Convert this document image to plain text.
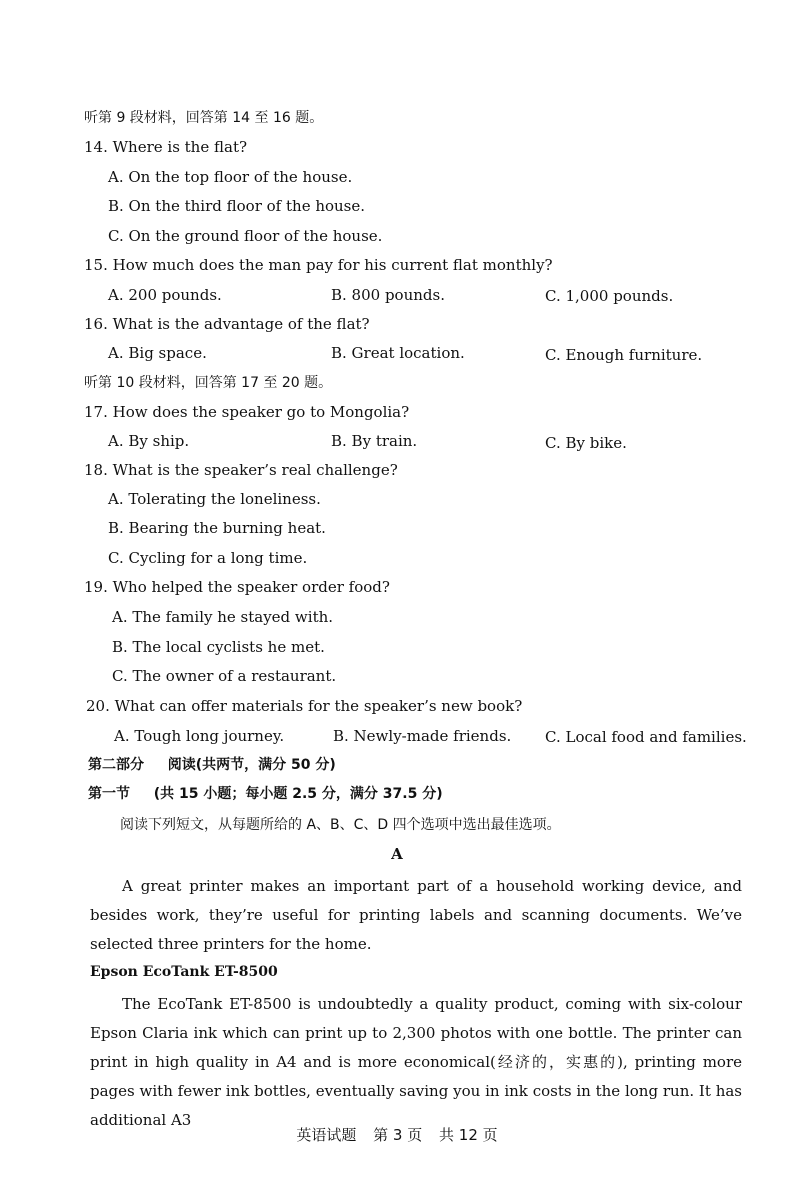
听第 9 段材料，回答第 14 至 16 题。
14. Where is the flat?
A. On the top floor of the house.
B. On the third floor of the house.
C. On the ground floor of the house.
15. How much does the man pay for his current flat monthly?
A. 200 pounds.	B. 800 pounds.	C. 1,000 pounds.
16. What is the advantage of the flat?
A. Big space.	B. Great location.	C. Enough furniture.
听第 10 段材料，回答第 17 至 20 题。
17. How does the speaker go to Mongolia?
A. By ship.	B. By train.	C. By bike.
18. What is the speaker’s real challenge?
A. Tolerating the loneliness.
B. Bearing the burning heat.
C. Cycling for a long time.
19. Who helped the speaker order food?
A. The family he stayed with.
B. The local cyclists he met.
C. The owner of a restaurant.
20. What can offer materials for the speaker’s new book?
A. Tough long journey.	B. Newly-made friends. C. Local food and families.
第二部分 阅读(共两节，满分 50 分)
第一节 (共 15 小题；每小题 2.5 分，满分 37.5 分)
阅读下列短文，从每题所给的 A、B、C、D 四个选项中选出最佳选项。
A

A great printer makes an important part of a household working device, and besides work, they’re useful for printing labels and scanning documents. We’ve selected three printers for the home.

Epson EcoTank ET-8500

The EcoTank ET-8500 is undoubtedly a quality product, coming with six-colour Epson Claria ink which can print up to 2,300 photos with one bottle. The printer can print in high quality in A4 and is more economical(经济的，实惠的), printing more pages with fewer ink bottles, eventually saving you in ink costs in the long run. It has additional A3

英语试题 第 3 页 共 12 页
